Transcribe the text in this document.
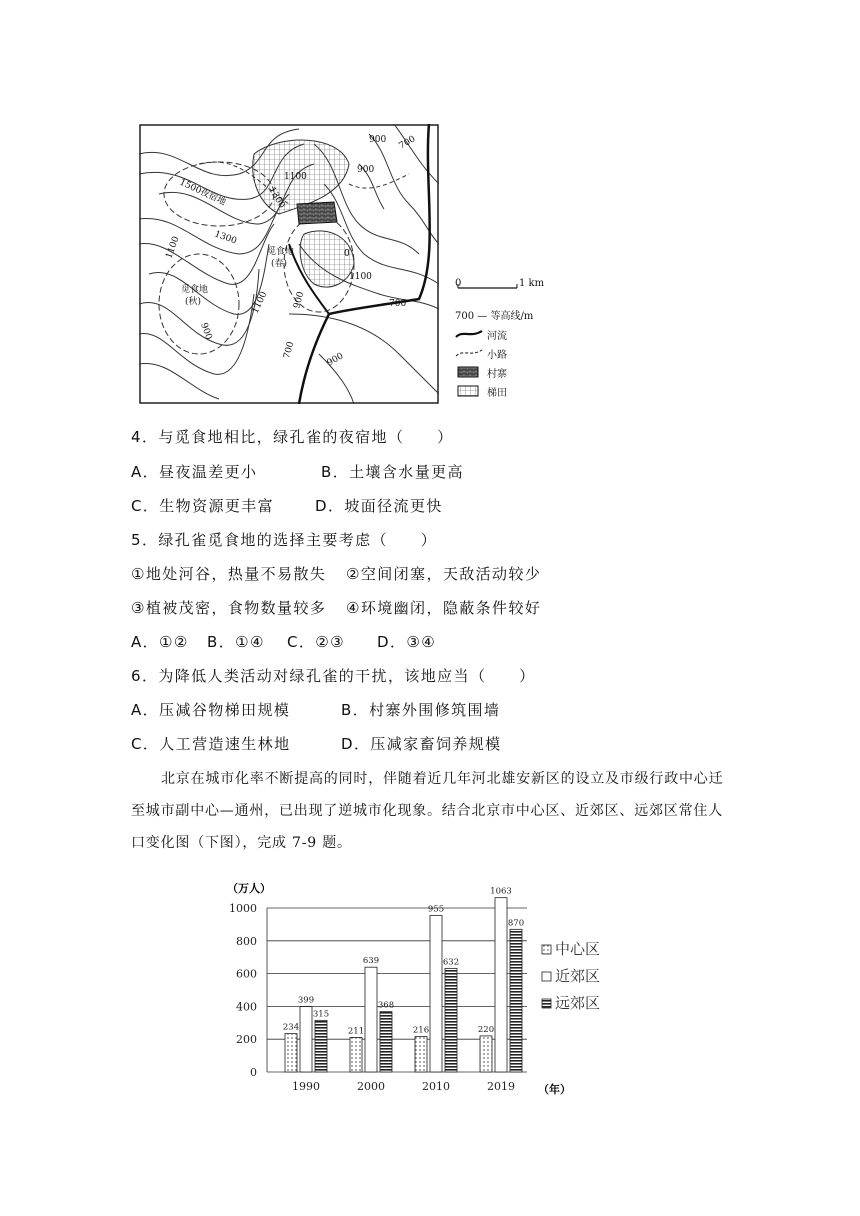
1500夜宿地
觅食地
(春)
觅食地
(秋)
1300
1100
1300
1100
1100	900
900
900
700
900
700
1100
900
700
0
0	1 km
700 — 等高线/m
河流
小路
村寨
梯田
4．与觅食地相比，绿孔雀的夜宿地（　　）
A．昼夜温差更小	B．土壤含水量更高
C．生物资源更丰富	D．坡面径流更快
5．绿孔雀觅食地的选择主要考虑（　　）
①地处河谷，热量不易散失 ②空间闭塞，天敌活动较少
③植被茂密，食物数量较多 ④环境幽闭，隐蔽条件较好
A．①② B．①④ C．②③ D．③④
6．为降低人类活动对绿孔雀的干扰，该地应当（　　）
A．压减谷物梯田规模	B．村寨外围修筑围墙
C．人工营造速生林地	D．压减家畜饲养规模
北京在城市化率不断提高的同时，伴随着近几年河北雄安新区的设立及市级行政中心迁
至城市副中心—通州，已出现了逆城市化现象。结合北京市中心区、近郊区、远郊区常住人
口变化图（下图），完成 7-9 题。
0
200
400
600
800
1000
234
399
315
1990
211
639
368
2000
216
955
632
2010
220
1063
870
2019
中心区
近郊区
远郊区
（万人）
（年）
